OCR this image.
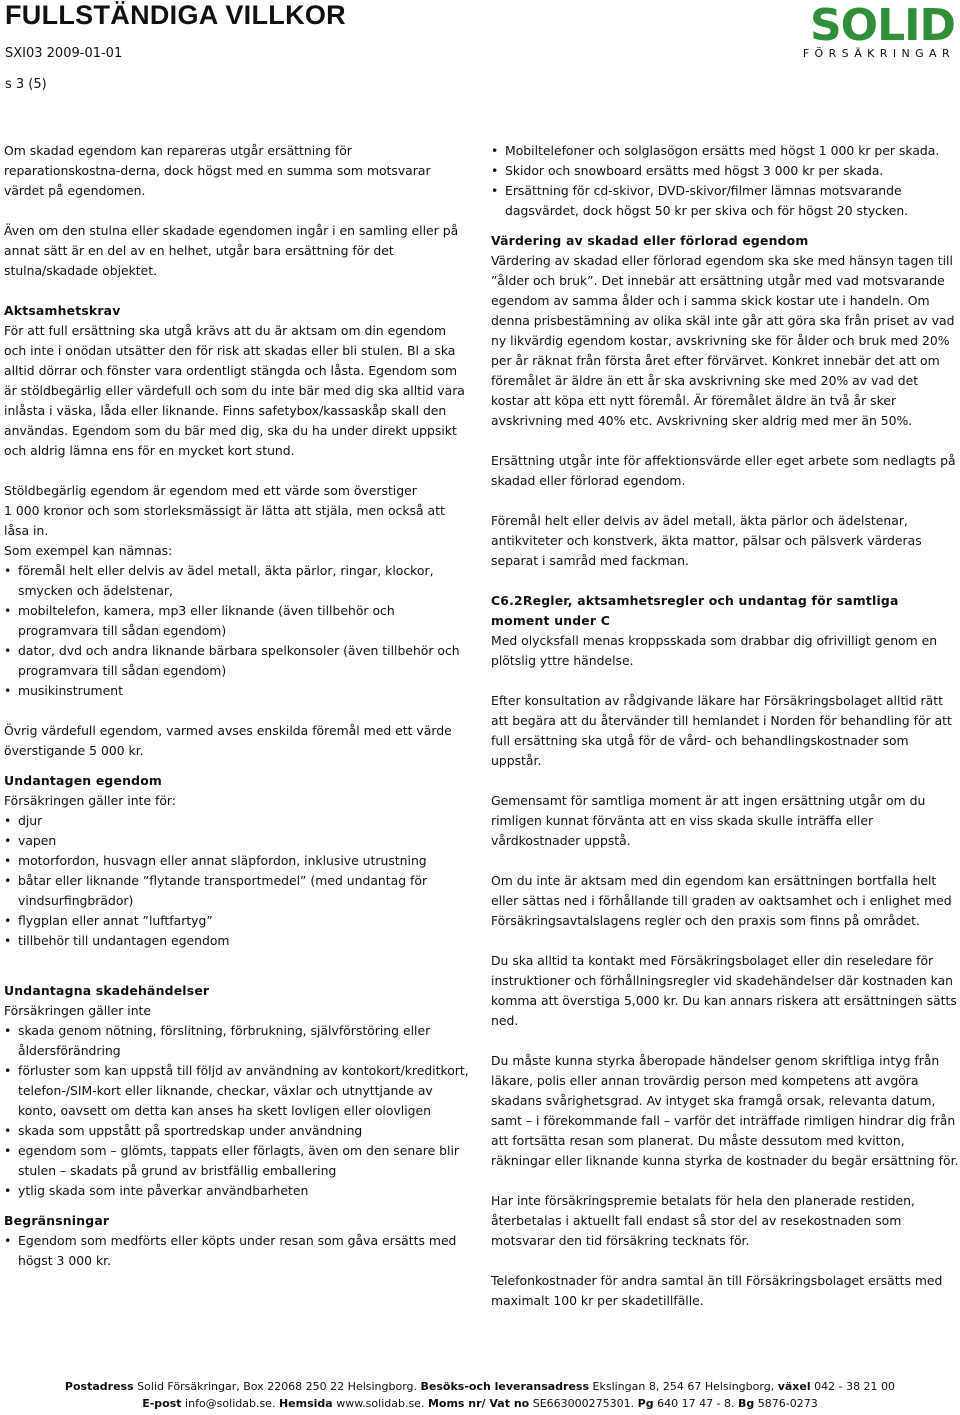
FULLSTÄNDIGA VILLKOR
SXI03 2009-01-01
s 3 (5)
SOLID
FÖRSÄKRINGAR

Om skadad egendom kan repareras utgår ersättning för reparationskostna-derna, dock högst med en summa som motsvarar värdet på egendomen.

Även om den stulna eller skadade egendomen ingår i en samling eller på annat sätt är en del av en helhet, utgår bara ersättning för det stulna/skadade objektet.

Aktsamhetskrav

För att full ersättning ska utgå krävs att du är aktsam om din egendom och inte i onödan utsätter den för risk att skadas eller bli stulen. Bl a ska alltid dörrar och fönster vara ordentligt stängda och låsta. Egendom som är stöldbegärlig eller värdefull och som du inte bär med dig ska alltid vara inlåsta i väska, låda eller liknande. Finns safetybox/kassaskåp skall den användas. Egendom som du bär med dig, ska du ha under direkt uppsikt och aldrig lämna ens för en mycket kort stund.

Stöldbegärlig egendom är egendom med ett värde som överstiger

1 000 kronor och som storleksmässigt är lätta att stjäla, men också att låsa in.

Som exempel kan nämnas:

• föremål helt eller delvis av ädel metall, äkta pärlor, ringar, klockor, smycken och ädelstenar,
• mobiltelefon, kamera, mp3 eller liknande (även tillbehör och programvara till sådan egendom)
• dator, dvd och andra liknande bärbara spelkonsoler (även tillbehör och programvara till sådan egendom)
• musikinstrument

Övrig värdefull egendom, varmed avses enskilda föremål med ett värde överstigande 5 000 kr.

Undantagen egendom

Försäkringen gäller inte för:

• djur
• vapen
• motorfordon, husvagn eller annat släpfordon, inklusive utrustning
• båtar eller liknande ”flytande transportmedel” (med undantag för vindsurfingbrädor)
• flygplan eller annat ”luftfartyg”
• tillbehör till undantagen egendom

Undantagna skadehändelser

Försäkringen gäller inte

• skada genom nötning, förslitning, förbrukning, självförstöring eller åldersförändring
• förluster som kan uppstå till följd av användning av kontokort/kreditkort, telefon-/SIM-kort eller liknande, checkar, växlar och utnyttjande av konto, oavsett om detta kan anses ha skett lovligen eller olovligen
• skada som uppstått på sportredskap under användning
• egendom som – glömts, tappats eller förlagts, även om den senare blir stulen – skadats på grund av bristfällig emballering
• ytlig skada som inte påverkar användbarheten

Begränsningar

• Egendom som medförts eller köpts under resan som gåva ersätts med högst 3 000 kr.
• Mobiltelefoner och solglasögon ersätts med högst 1 000 kr per skada.
• Skidor och snowboard ersätts med högst 3 000 kr per skada.
• Ersättning för cd-skivor, DVD-skivor/filmer lämnas motsvarande dagsvärdet, dock högst 50 kr per skiva och för högst 20 stycken.

Värdering av skadad eller förlorad egendom

Värdering av skadad eller förlorad egendom ska ske med hänsyn tagen till ”ålder och bruk”. Det innebär att ersättning utgår med vad motsvarande egendom av samma ålder och i samma skick kostar ute i handeln. Om denna prisbestämning av olika skäl inte går att göra ska från priset av vad ny likvärdig egendom kostar, avskrivning ske för ålder och bruk med 20% per år räknat från första året efter förvärvet. Konkret innebär det att om föremålet är äldre än ett år ska avskrivning ske med 20% av vad det kostar att köpa ett nytt föremål. Är föremålet äldre än två år sker avskrivning med 40% etc. Avskrivning sker aldrig med mer än 50%.

Ersättning utgår inte för affektionsvärde eller eget arbete som nedlagts på skadad eller förlorad egendom.

Föremål helt eller delvis av ädel metall, äkta pärlor och ädelstenar, antikviteter och konstverk, äkta mattor, pälsar och pälsverk värderas separat i samråd med fackman.

C6.2Regler, aktsamhetsregler och undantag för samtliga moment under C

Med olycksfall menas kroppsskada som drabbar dig ofrivilligt genom en plötslig yttre händelse.

Efter konsultation av rådgivande läkare har Försäkringsbolaget alltid rätt att begära att du återvänder till hemlandet i Norden för behandling för att full ersättning ska utgå för de vård- och behandlingskostnader som uppstår.

Gemensamt för samtliga moment är att ingen ersättning utgår om du rimligen kunnat förvänta att en viss skada skulle inträffa eller vårdkostnader uppstå.

Om du inte är aktsam med din egendom kan ersättningen bortfalla helt eller sättas ned i förhållande till graden av oaktsamhet och i enlighet med Försäkringsavtalslagens regler och den praxis som finns på området.

Du ska alltid ta kontakt med Försäkringsbolaget eller din reseledare för instruktioner och förhållningsregler vid skadehändelser där kostnaden kan komma att överstiga 5,000 kr. Du kan annars riskera att ersättningen sätts ned.

Du måste kunna styrka åberopade händelser genom skriftliga intyg från läkare, polis eller annan trovärdig person med kompetens att avgöra skadans svårighetsgrad. Av intyget ska framgå orsak, relevanta datum, samt – i förekommande fall – varför det inträffade rimligen hindrar dig från att fortsätta resan som planerat. Du måste dessutom med kvitton, räkningar eller liknande kunna styrka de kostnader du begär ersättning för.

Har inte försäkringspremie betalats för hela den planerade restiden, återbetalas i aktuellt fall endast så stor del av resekostnaden som motsvarar den tid försäkring tecknats för.

Telefonkostnader för andra samtal än till Försäkringsbolaget ersätts med maximalt 100 kr per skadetillfälle.

Postadress Solid Försäkringar, Box 22068 250 22 Helsingborg. Besöks-och leveransadress Ekslingan 8, 254 67 Helsingborg, växel 042 - 38 21 00
E-post info@solidab.se. Hemsida www.solidab.se. Moms nr/ Vat no SE663000275301. Pg 640 17 47 - 8. Bg 5876-0273
